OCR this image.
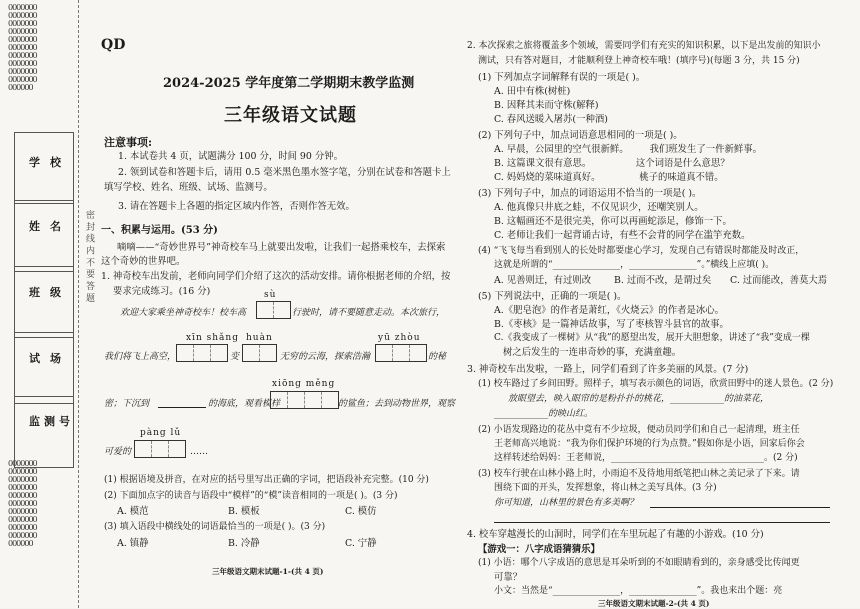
0000000000000000000000000000000000000000000000000000000000000000000000000000
0000000000000000000000000000000000000000000000000000000000000000000000000000
学校
姓名
班级
试场
监测号
密 封 线 内 不 要 答 题
QD
2024-2025 学年度第二学期期末教学监测
三年级语文试题
注意事项:
1. 本试卷共 4 页，试题满分 100 分，时间 90 分钟。
2. 领到试卷和答题卡后，请用 0.5 毫米黑色墨水签字笔，分别在试卷和答题卡上
填写学校、姓名、班级、试场、监测号。
3. 请在答题卡上各题的指定区域内作答，否则作答无效。
一、积累与运用。(53 分)
嘀嘀——“奇妙世界号”神奇校车马上就要出发啦，让我们一起搭乘校车，去探索
这个奇妙的世界吧。
1. 神奇校车出发前，老师向同学们介绍了这次的活动安排。请你根据老师的介绍，按
要求完成练习。(16 分)	sù
欢迎大家乘坐神奇校车！校车高	行驶时，请不要随意走动。本次旅行，
xīn shǎng huàn	yū zhòu
我们将飞上高空，	变	无穷的云海，探索浩瀚	的秘
xiōng měng
密；下沉到	的海底，观看模样	的鲨鱼；去到动物世界，观察
pàng lǔ
可爱的	……
(1) 根据语境及拼音，在对应的括号里写出正确的字词，把语段补充完整。(10 分)
(2) 下面加点字的读音与语段中“模样”的“模”读音相同的一项是( )。(3 分)
A. 模范	B. 模板	C. 模仿
(3) 填入语段中横线处的词语最恰当的一项是( )。(3 分)
A. 镇静	B. 冷静	C. 宁静
三年级语文期末试题-1-(共 4 页)
2. 本次探索之旅将覆盖多个领域，需要同学们有充实的知识积累，以下是出发前的知识小
测试，只有答对题目，才能顺利登上神奇校车哦！(填序号)(每题 3 分，共 15 分)
(1) 下列加点字词解释有误的一项是( )。
A. 田中有株(树桩)
B. 因释其耒而守株(解释)
C. 春风送暖入屠苏(一种酒)
(2) 下列句子中，加点词语意思相同的一项是( )。
A. 早晨，公园里的空气很新鲜。       我们班发生了一件新鲜事。
B. 这篇课文很有意思。               这个词语是什么意思？
C. 妈妈烧的菜味道真好。             桃子的味道真不错。
(3) 下列句子中，加点的词语运用不恰当的一项是( )。
A. 他真像只井底之蛙，不仅见识少，还嘲笑别人。
B. 这幅画还不是很完美，你可以再画蛇添足，修饰一下。
C. 老师让我们一起背诵古诗，有些不会背的同学在滥竽充数。
(4) “飞飞每当看到别人的长处时都要虚心学习，发现自己有错误时都能及时改正，
这就是所谓的“_______________，_______________”。”横线上应填( )。
A. 见善则迁，有过则改 B. 过而不改，是谓过矣 C. 过而能改，善莫大焉
(5) 下列说法中，正确的一项是( )。
A.《肥皂泡》的作者是萧红，《火烧云》的作者是冰心。
B.《枣核》是一篇神话故事，写了枣核智斗县官的故事。
C.《我变成了一棵树》从“我”的愿望出发，展开大胆想象，讲述了“我”变成一棵
树之后发生的一连串奇妙的事，充满童趣。
3. 神奇校车出发啦，一路上，同学们看到了许多美丽的风景。(7 分)
(1) 校车路过了乡间田野。照样子，填写表示颜色的词语，欣赏田野中的迷人景色。(2 分)
放眼望去，映入眼帘的是粉扑扑的桃花，____________的油菜花，
____________的映山红。
(2) 小语发现路边的花丛中竟有不少垃圾，便动员同学们和自己一起清理，班主任
王老师高兴地说：“我为你们保护环境的行为点赞。”假如你是小语，回家后你会
这样转述给妈妈：王老师说，__________________________________。(2 分)
(3) 校车行驶在山林小路上时，小雨迫不及待地用纸笔把山林之美记录了下来。请
围绕下面的开头，发挥想象，将山林之美写具体。(3 分)
你可知道，山林里的景色有多美啊？
4. 校车穿越漫长的山洞时，同学们在车里玩起了有趣的小游戏。(10 分)
【游戏一：八字成语猜猜乐】
(1) 小语：哪个八字成语的意思是耳朵听到的不如眼睛看到的，亲身感受比传闻更
可靠？
小文：当然是“_______________，_______________”。我也来出个题：亮
三年级语文期末试题-2-(共 4 页)
